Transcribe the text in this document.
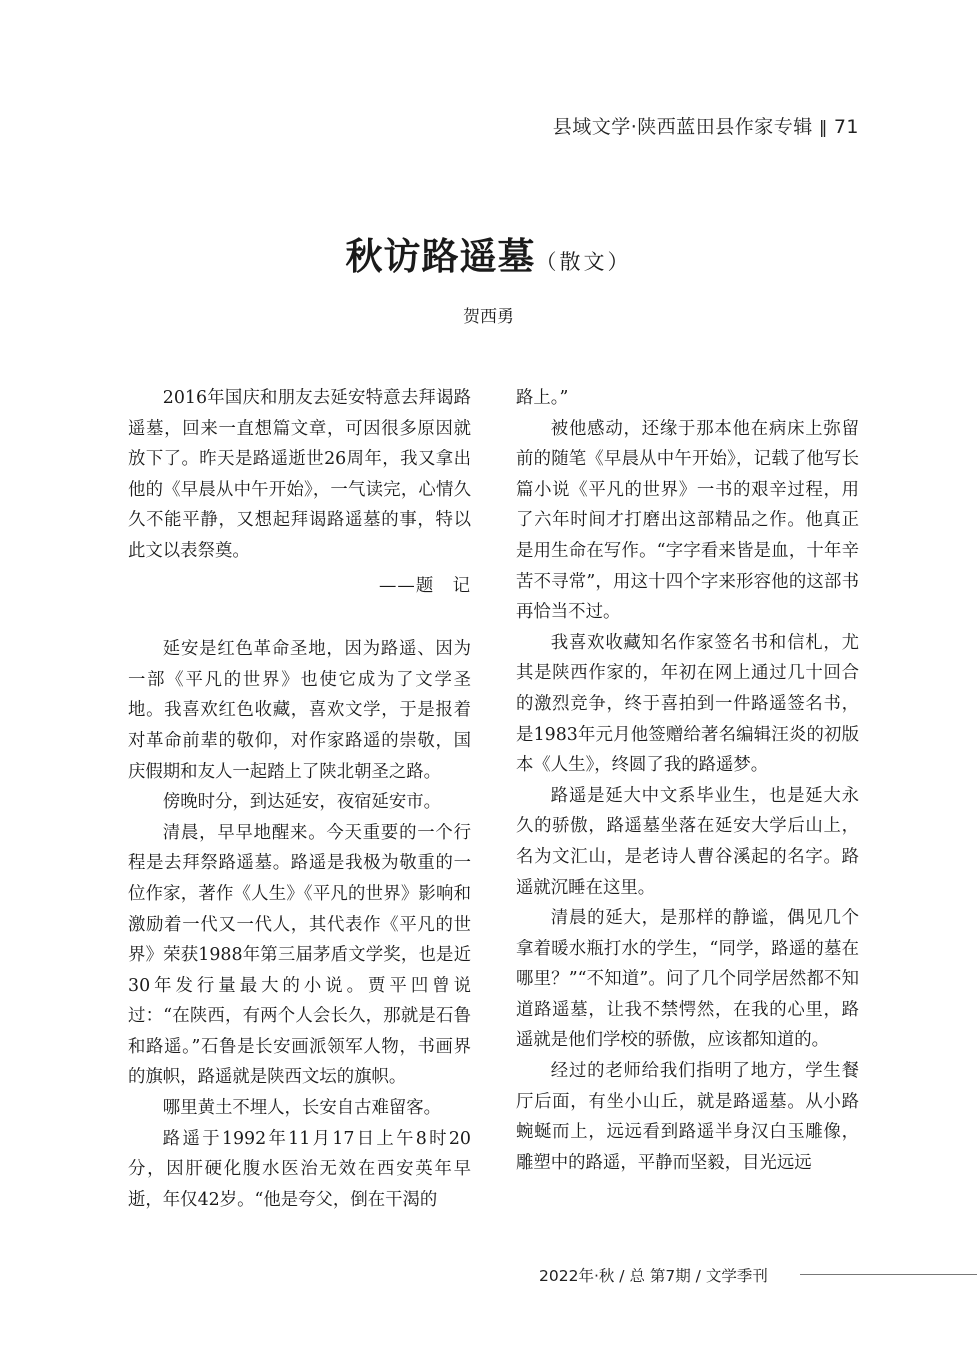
县域文学·陕西蓝田县作家专辑 ‖ 71
秋访路遥墓（散文）
贺西勇

2016年国庆和朋友去延安特意去拜谒路遥墓，回来一直想篇文章，可因很多原因就放下了。昨天是路遥逝世26周年，我又拿出他的《早晨从中午开始》，一气读完，心情久久不能平静，又想起拜谒路遥墓的事，特以此文以表祭奠。

——题　记

延安是红色革命圣地，因为路遥、因为一部《平凡的世界》也使它成为了文学圣地。我喜欢红色收藏，喜欢文学，于是报着对革命前辈的敬仰，对作家路遥的崇敬，国庆假期和友人一起踏上了陕北朝圣之路。

傍晚时分，到达延安，夜宿延安市。

清晨，早早地醒来。今天重要的一个行程是去拜祭路遥墓。路遥是我极为敬重的一位作家，著作《人生》《平凡的世界》影响和激励着一代又一代人，其代表作《平凡的世界》荣获1988年第三届茅盾文学奖，也是近30年发行量最大的小说。贾平凹曾说过：“在陕西，有两个人会长久，那就是石鲁和路遥。”石鲁是长安画派领军人物，书画界的旗帜，路遥就是陕西文坛的旗帜。

哪里黄土不埋人，长安自古难留客。

路遥于1992年11月17日上午8时20分，因肝硬化腹水医治无效在西安英年早逝，年仅42岁。“他是夸父，倒在干渴的

路上。”

被他感动，还缘于那本他在病床上弥留前的随笔《早晨从中午开始》，记载了他写长篇小说《平凡的世界》一书的艰辛过程，用了六年时间才打磨出这部精品之作。他真正是用生命在写作。“字字看来皆是血，十年辛苦不寻常”，用这十四个字来形容他的这部书再恰当不过。

我喜欢收藏知名作家签名书和信札，尤其是陕西作家的，年初在网上通过几十回合的激烈竞争，终于喜拍到一件路遥签名书，是1983年元月他签赠给著名编辑汪炎的初版本《人生》，终圆了我的路遥梦。

路遥是延大中文系毕业生，也是延大永久的骄傲，路遥墓坐落在延安大学后山上，名为文汇山，是老诗人曹谷溪起的名字。路遥就沉睡在这里。

清晨的延大，是那样的静谧，偶见几个拿着暖水瓶打水的学生，“同学，路遥的墓在哪里？”“不知道”。问了几个同学居然都不知道路遥墓，让我不禁愕然，在我的心里，路遥就是他们学校的骄傲，应该都知道的。

经过的老师给我们指明了地方，学生餐厅后面，有坐小山丘，就是路遥墓。从小路蜿蜒而上，远远看到路遥半身汉白玉雕像，雕塑中的路遥，平静而坚毅，目光远远

2022年·秋 / 总 第7期 / 文学季刊
